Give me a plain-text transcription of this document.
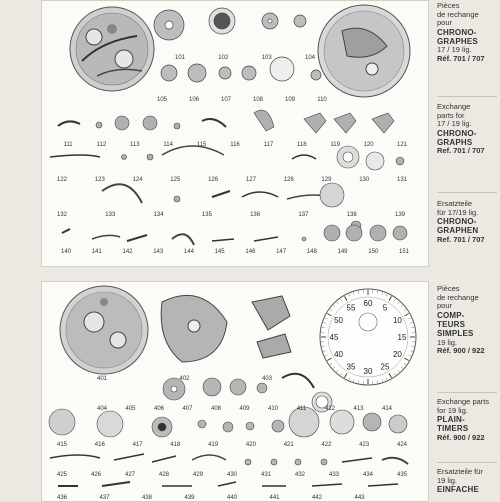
101	102	103	104
105	106	107	108	109	110
111	112	113	114	115	116	117	118	119	120	121
122	123	124	125	126	127	128	129	130	131
132	133	134	135	136	137	138	139
140	141	142	143	144	145	146	147	148	149	150	151
Pièces
de rechange
pour
CHRONO-
GRAPHES
17 / 19 lig.
Réf. 701 / 707
Exchange
parts for
17 / 19 lig.
CHRONO-
GRAPHS
Ref. 701 / 707
Ersatzteile
für 17/19 lig.
CHRONO-
GRAPHEN
Ref. 701 / 707
60
5
10
15
20
25
30
35
40
45
50
55
401	402	403
404	405	406	407	408	409	410	411	412	413	414
415	416	417	418	419	420	421	422	423	424
425	426	427	428	429	430	431	432	433	434	435
436	437	438	439	440	441	442	443
Pièces
de rechange
pour
COMP-
TEURS
SIMPLES
19 lig.
Réf. 900 / 922
Exchange parts
for 19 lig.
PLAIN-
TIMERS
Réf. 900 / 922
Ersatzteile für
19 lig.
EINFACHE
